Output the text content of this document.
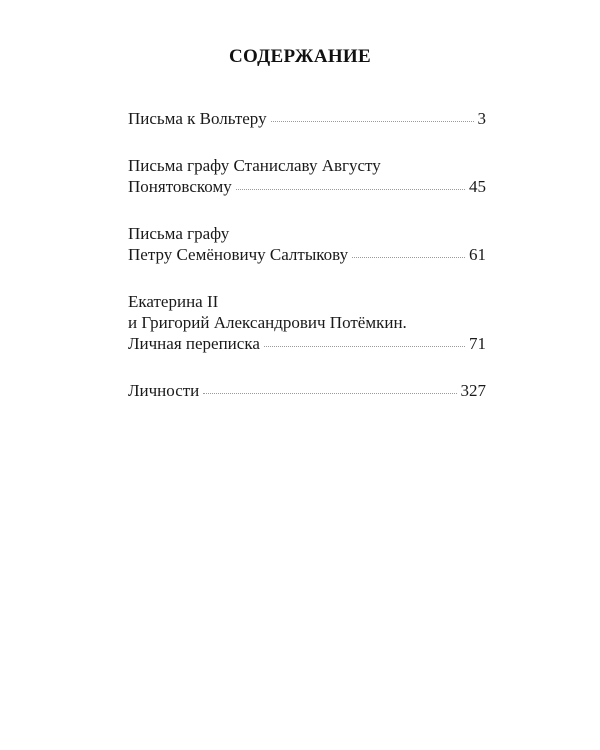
СОДЕРЖАНИЕ
Письма к Вольтеру	3
Письма графу Станиславу Августу
Понятовскому	45
Письма графу
Петру Семёновичу Салтыкову	61
Екатерина II
и Григорий Александрович Потёмкин.
Личная переписка	71
Личности	327
